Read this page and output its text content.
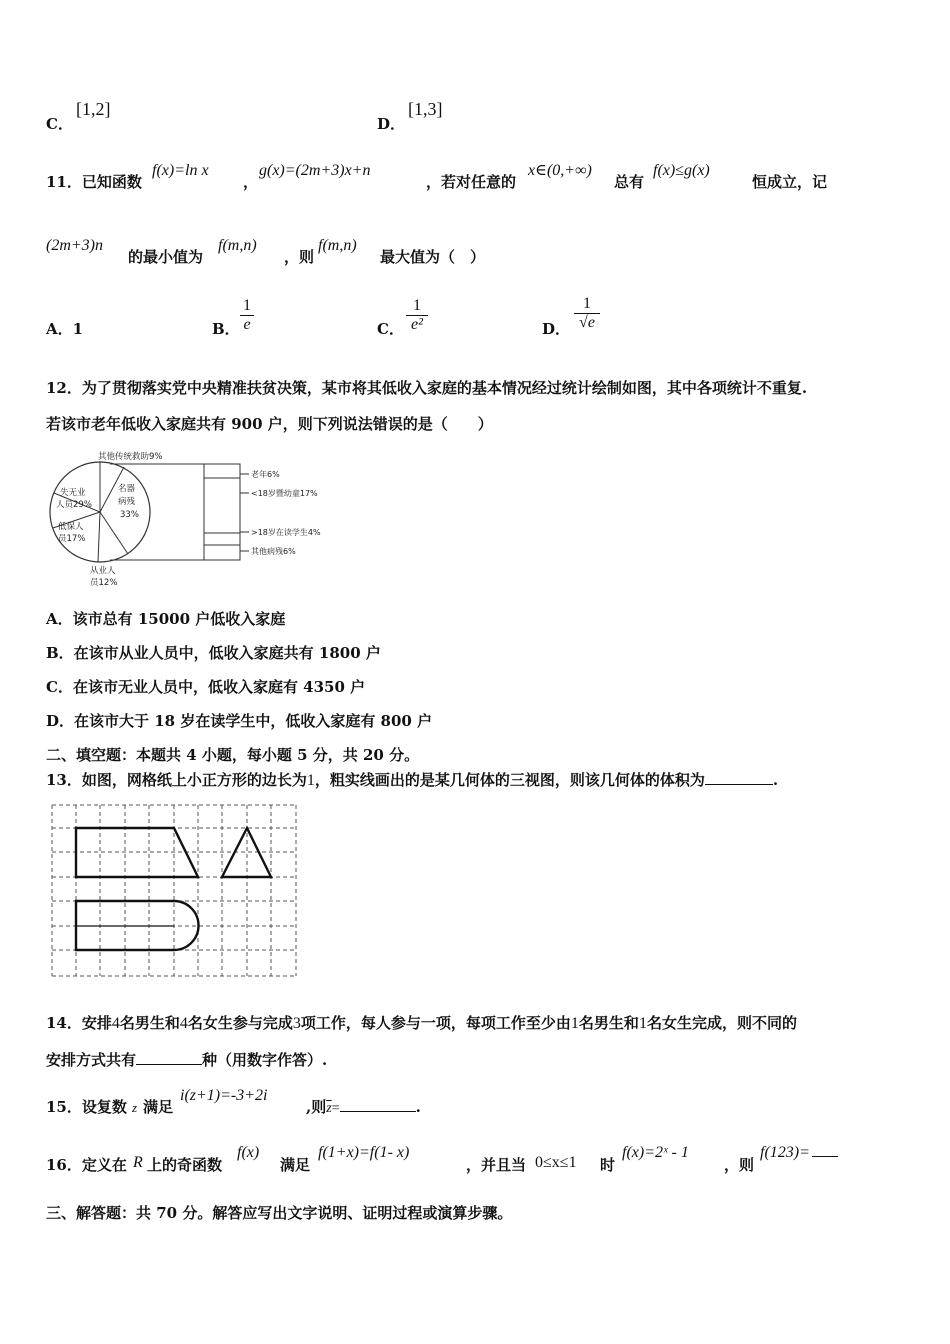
C．
[1,2]
D．
[1,3]
11．已知函数
f(x)=ln x
，
g(x)=(2m+3)x+n
，若对任意的
x∈(0,+∞)
总有
f(x)≤g(x)
恒成立，记
(2m+3)n
的最小值为
f(m,n)
，则
f(m,n)
最大值为（　）
A．1	B． $\frac{1}{e}$	C． $\frac{1}{\text{e²}}$	D． $\frac{1}{√e}$
12．为了贯彻落实党中央精准扶贫决策，某市将其低收入家庭的基本情况经过统计绘制如图，其中各项统计不重复.
若该市老年低收入家庭共有 900 户，则下列说法错误的是（　　）
其他传统救助9%
失无业
人员29%
名器
病残
33%
低保人
员17%
从业人
员12%
老年6%
<18岁暨幼童17%
>18岁在读学生4%
其他病残6%
A．该市总有 15000 户低收入家庭
B．在该市从业人员中，低收入家庭共有 1800 户
C．在该市无业人员中，低收入家庭有 4350 户
D．在该市大于 18 岁在读学生中，低收入家庭有 800 户
二、填空题：本题共 4 小题，每小题 5 分，共 20 分。
13．如图，网格纸上小正方形的边长为1，粗实线画出的是某几何体的三视图，则该几何体的体积为	.
14．安排4名男生和4名女生参与完成3项工作，每人参与一项，每项工作至少由1名男生和1名女生完成，则不同的
安排方式共有	种（用数字作答）.
15．设复数 z 满足
i(z+1)=-3+2i
,则$\overline{z}=$	.
16．定义在 R 上的奇函数
f(x)
满足
f(1+x)=f(1- x)
，并且当 0≤x≤1 时
f(x)=2ˣ - 1
，则
f(123)=
三、解答题：共 70 分。解答应写出文字说明、证明过程或演算步骤。
